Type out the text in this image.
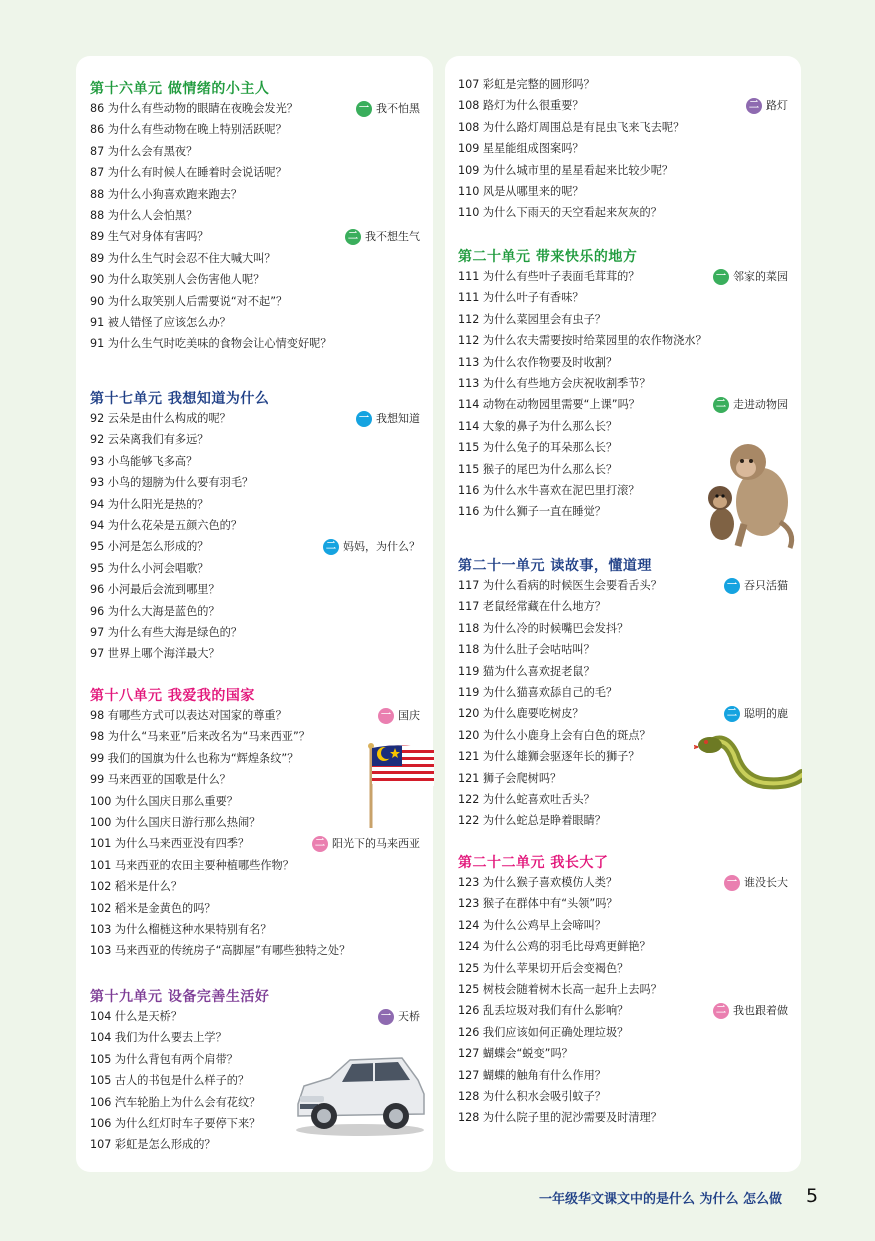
第十六单元 做情绪的小主人
86 为什么有些动物的眼睛在夜晚会发光？
86 为什么有些动物在晚上特别活跃呢？
87 为什么会有黑夜？
87 为什么有时候人在睡着时会说话呢？
88 为什么小狗喜欢跑来跑去？
88 为什么人会怕黑？
89 生气对身体有害吗？
89 为什么生气时会忍不住大喊大叫？
90 为什么取笑别人会伤害他人呢？
90 为什么取笑别人后需要说“对不起”？
91 被人错怪了应该怎么办？
91 为什么生气时吃美味的食物会让心情变好呢？
一 我不怕黑
二 我不想生气
第十七单元 我想知道为什么
92 云朵是由什么构成的呢？
92 云朵离我们有多远？
93 小鸟能够飞多高？
93 小鸟的翅膀为什么要有羽毛？
94 为什么阳光是热的？
94 为什么花朵是五颜六色的？
95 小河是怎么形成的？
95 为什么小河会唱歌？
96 小河最后会流到哪里？
96 为什么大海是蓝色的？
97 为什么有些大海是绿色的？
97 世界上哪个海洋最大？
一 我想知道
二 妈妈，为什么？
第十八单元 我爱我的国家
98 有哪些方式可以表达对国家的尊重？
98 为什么“马来亚”后来改名为“马来西亚”？
99 我们的国旗为什么也称为“辉煌条纹”？
99 马来西亚的国歌是什么？
100 为什么国庆日那么重要？
100 为什么国庆日游行那么热闹？
101 为什么马来西亚没有四季？
101 马来西亚的农田主要种植哪些作物？
102 稻米是什么？
102 稻米是金黄色的吗？
103 为什么榴梿这种水果特别有名？
103 马来西亚的传统房子“高脚屋”有哪些独特之处？
一 国庆
二 阳光下的马来西亚
第十九单元 设备完善生活好
104 什么是天桥？
104 我们为什么要去上学？
105 为什么背包有两个肩带？
105 古人的书包是什么样子的？
106 汽车轮胎上为什么会有花纹？
106 为什么红灯时车子要停下来？
107 彩虹是怎么形成的？
107 彩虹是完整的圆形吗？
108 路灯为什么很重要？
108 为什么路灯周围总是有昆虫飞来飞去呢？
109 星星能组成图案吗？
109 为什么城市里的星星看起来比较少呢？
110 风是从哪里来的呢？
110 为什么下雨天的天空看起来灰灰的？
一 天桥
二 路灯
第二十单元 带来快乐的地方
111 为什么有些叶子表面毛茸茸的？
111 为什么叶子有香味？
112 为什么菜园里会有虫子？
112 为什么农夫需要按时给菜园里的农作物浇水？
113 为什么农作物要及时收割？
113 为什么有些地方会庆祝收割季节？
114 动物在动物园里需要“上课”吗？
114 大象的鼻子为什么那么长？
115 为什么兔子的耳朵那么长？
115 猴子的尾巴为什么那么长？
116 为什么水牛喜欢在泥巴里打滚？
116 为什么狮子一直在睡觉？
一 邻家的菜园
二 走进动物园
第二十一单元 读故事，懂道理
117 为什么看病的时候医生会要看舌头？
117 老鼠经常藏在什么地方？
118 为什么冷的时候嘴巴会发抖？
118 为什么肚子会咕咕叫？
119 猫为什么喜欢捉老鼠？
119 为什么猫喜欢舔自己的毛？
120 为什么鹿要吃树皮？
120 为什么小鹿身上会有白色的斑点？
121 为什么雄狮会驱逐年长的狮子？
121 狮子会爬树吗？
122 为什么蛇喜欢吐舌头？
122 为什么蛇总是睁着眼睛？
一 吞只活猫
二 聪明的鹿
第二十二单元 我长大了
123 为什么猴子喜欢模仿人类？
123 猴子在群体中有“头领”吗？
124 为什么公鸡早上会啼叫？
124 为什么公鸡的羽毛比母鸡更鲜艳？
125 为什么苹果切开后会变褐色？
125 树枝会随着树木长高一起升上去吗？
126 乱丢垃圾对我们有什么影响？
126 我们应该如何正确处理垃圾？
127 蝴蝶会“蜕变”吗？
127 蝴蝶的触角有什么作用？
128 为什么积水会吸引蚊子？
128 为什么院子里的泥沙需要及时清理？
一 谁没长大
二 我也跟着做
一年级华文课文中的是什么 为什么 怎么做 5
